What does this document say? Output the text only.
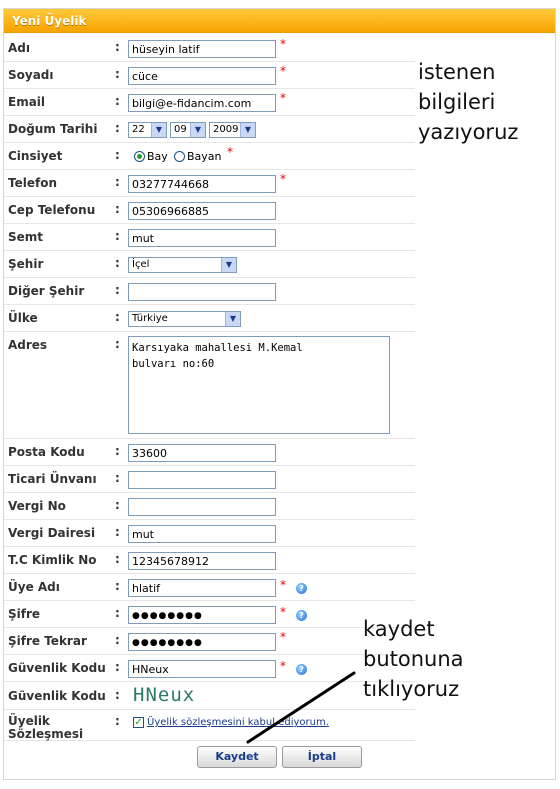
Yeni Üyelik
Adı	:	hüseyin latif	*
Soyadı	:	cüce	*
Email	:	bilgi@e-fidancim.com	*
Doğum Tarihi :	22	▼	09	▼	2009 ▼
Cinsiyet	: Bay Bayan *
Telefon	:	03277744668	*
Cep Telefonu :	05306966885
Semt	:	mut
Şehir	:	İçel	▼
Diğer Şehir	:
Ülke	:	Türkiye	▼
Adres	: Karsıyaka mahallesi M.Kemal
bulvarı no:60
Posta Kodu	:	33600
Ticari Ünvanı :
Vergi No	:
Vergi Dairesi :	mut
T.C Kimlik No :	12345678912
Üye Adı	:	hlatif	*	?
Şifre	:	●●●●●●●●	*	?
Şifre Tekrar :	●●●●●●●●	*
Güvenlik Kodu :	HNeux	*	?
Güvenlik Kodu : HNeux
Üyelik
Sözleşmesi
: ✓ Üyelik sözleşmesini kabul ediyorum.
Kaydet	İptal
istenen
bilgileri
yazıyoruz
kaydet
butonuna
tıklıyoruz
